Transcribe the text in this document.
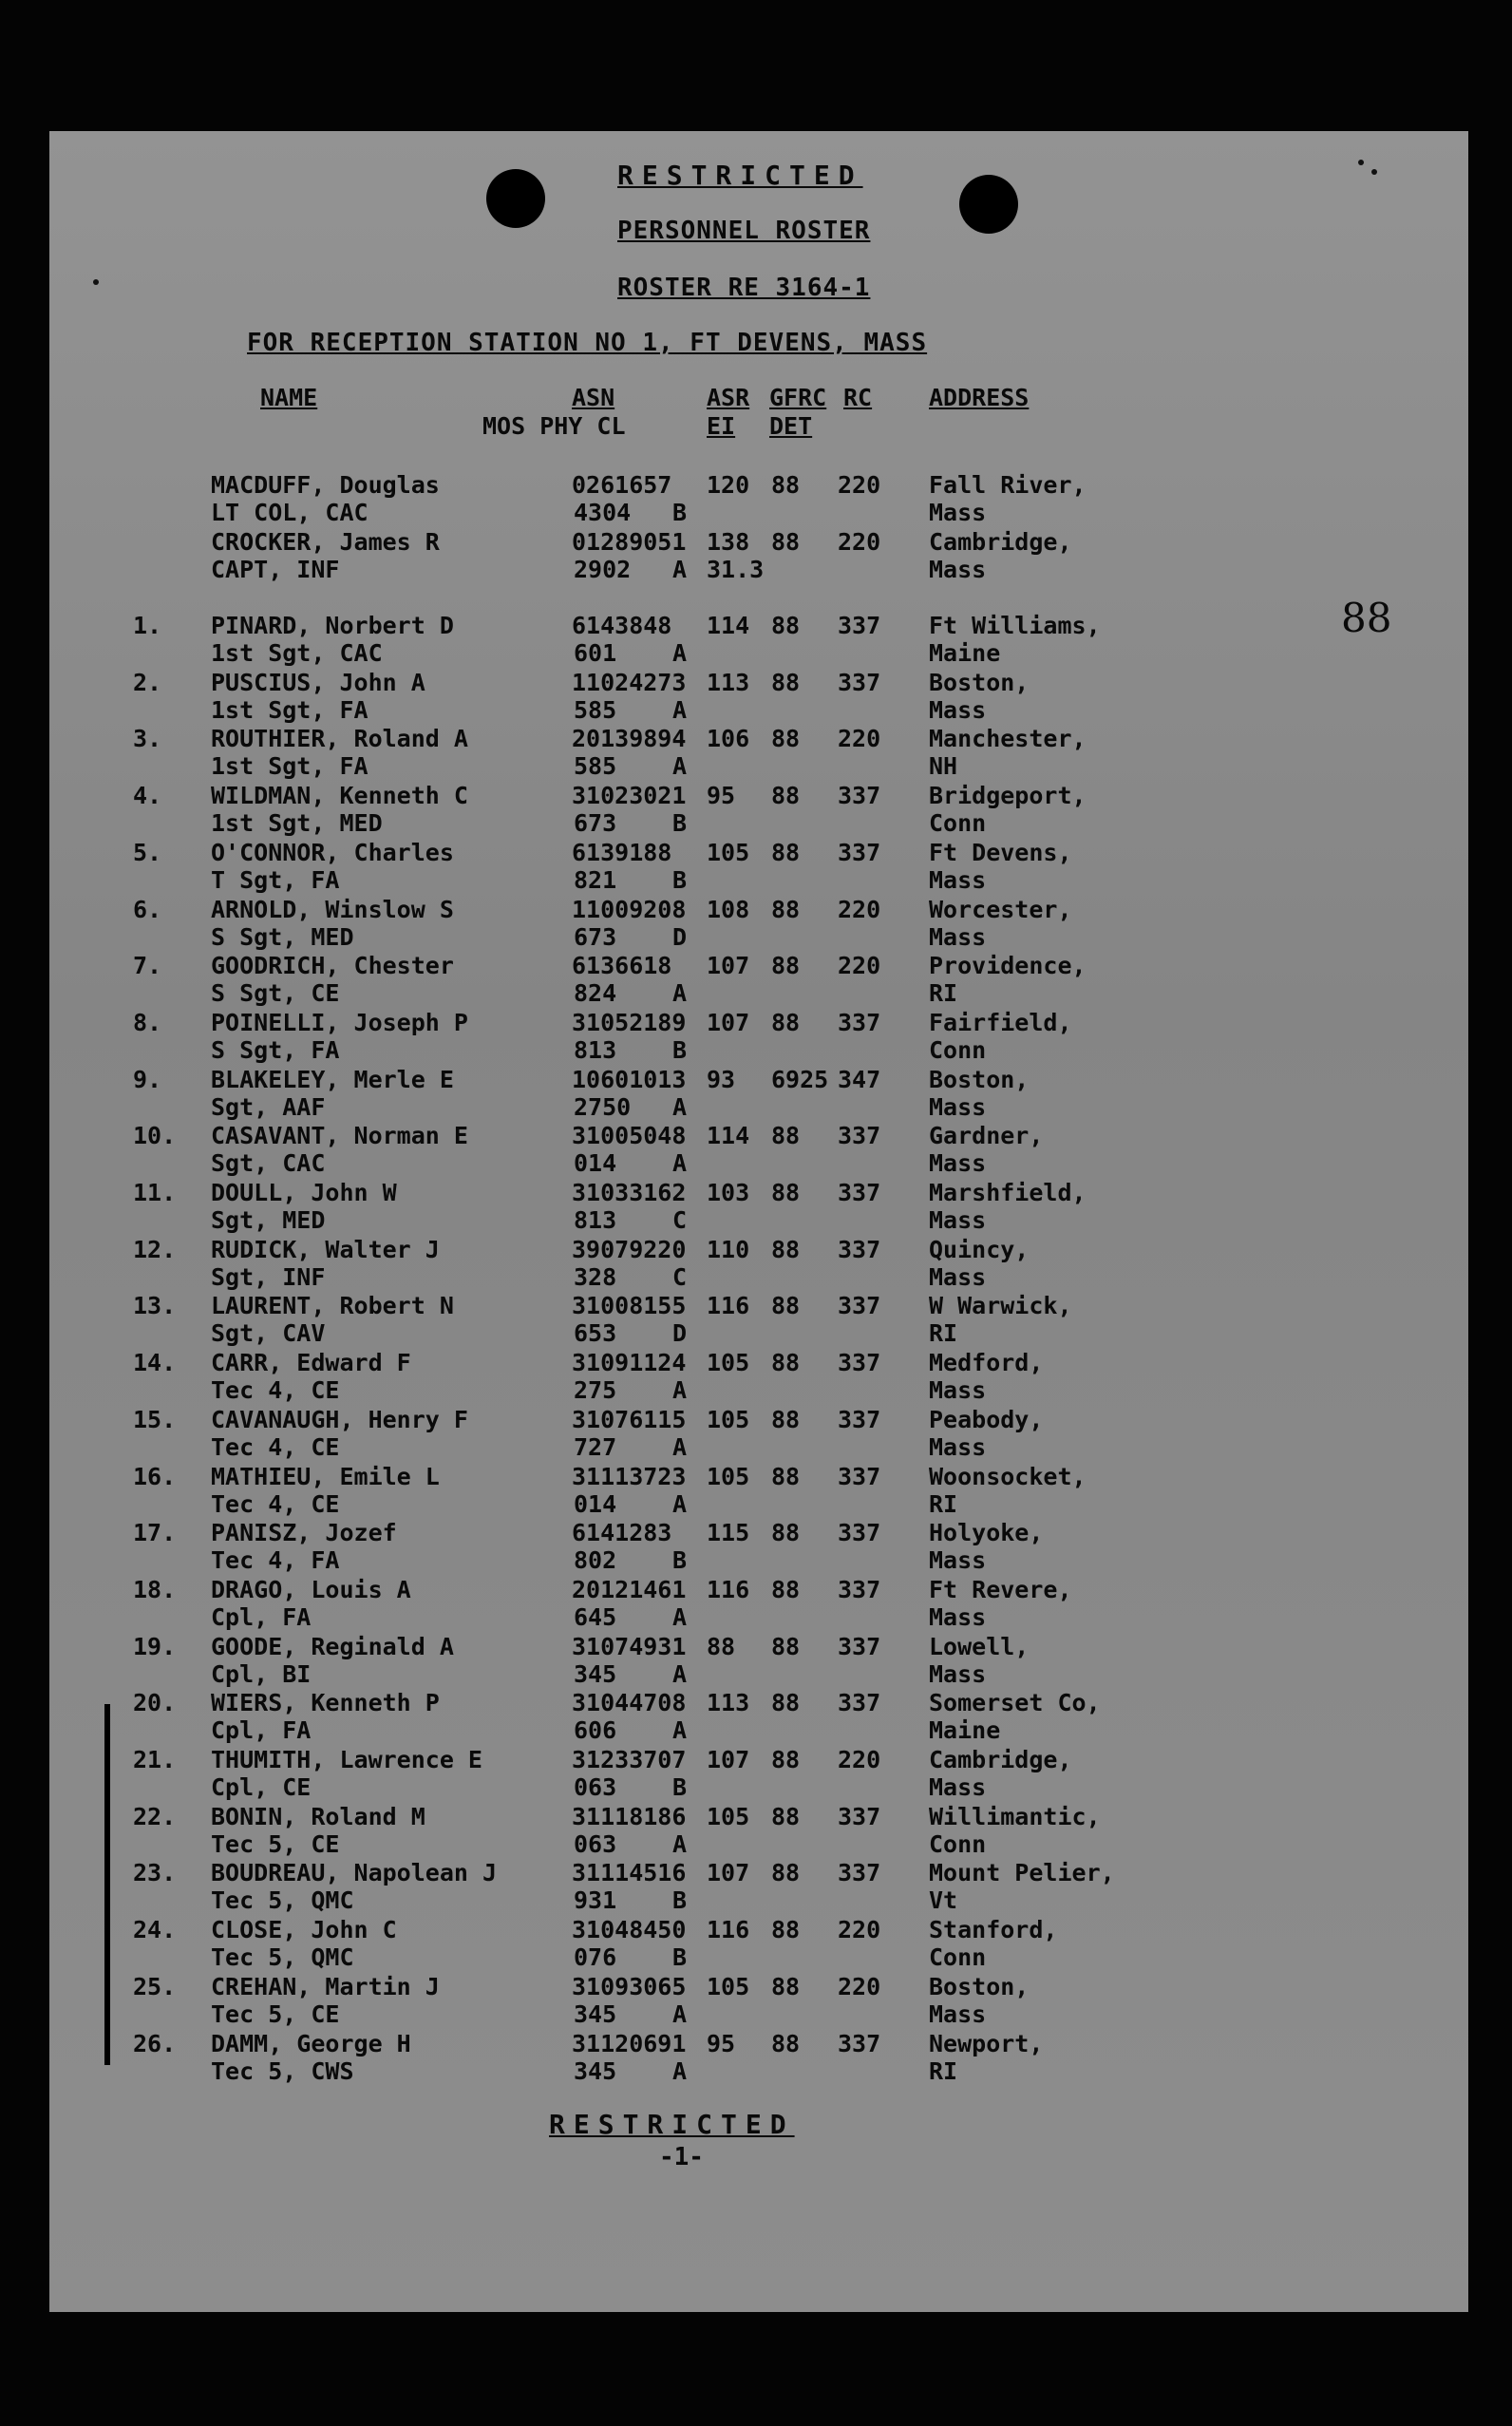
RESTRICTED
PERSONNEL ROSTER
ROSTER RE 3164-1
FOR RECEPTION STATION NO 1, FT DEVENS, MASS
NAME	ASN	ASR GFRC RC ADDRESS
MOS PHY CL	EI DET
MACDUFF, Douglas	0261657 120 88 220 Fall River,
LT COL, CAC	4304 B	Mass
CROCKER, James R	01289051 138 88 220 Cambridge,
CAPT, INF	2902 A 31.3	Mass
1. PINARD, Norbert D	6143848 114 88 337 Ft Williams,
1st Sgt, CAC	601 A	Maine
2. PUSCIUS, John A	11024273 113 88 337 Boston,
1st Sgt, FA	585 A	Mass
3. ROUTHIER, Roland A	20139894 106 88 220 Manchester,
1st Sgt, FA	585 A	NH
4. WILDMAN, Kenneth C	31023021 95 88 337 Bridgeport,
1st Sgt, MED	673 B	Conn
5. O'CONNOR, Charles	6139188 105 88 337 Ft Devens,
T Sgt, FA	821 B	Mass
6. ARNOLD, Winslow S	11009208 108 88 220 Worcester,
S Sgt, MED	673 D	Mass
7. GOODRICH, Chester	6136618 107 88 220 Providence,
S Sgt, CE	824 A	RI
8. POINELLI, Joseph P	31052189 107 88 337 Fairfield,
S Sgt, FA	813 B	Conn
9. BLAKELEY, Merle E	10601013 93 6925 347 Boston,
Sgt, AAF	2750 A	Mass
10. CASAVANT, Norman E	31005048 114 88 337 Gardner,
Sgt, CAC	014 A	Mass
11. DOULL, John W	31033162 103 88 337 Marshfield,
Sgt, MED	813 C	Mass
12. RUDICK, Walter J	39079220 110 88 337 Quincy,
Sgt, INF	328 C	Mass
13. LAURENT, Robert N	31008155 116 88 337 W Warwick,
Sgt, CAV	653 D	RI
14. CARR, Edward F	31091124 105 88 337 Medford,
Tec 4, CE	275 A	Mass
15. CAVANAUGH, Henry F	31076115 105 88 337 Peabody,
Tec 4, CE	727 A	Mass
16. MATHIEU, Emile L	31113723 105 88 337 Woonsocket,
Tec 4, CE	014 A	RI
17. PANISZ, Jozef	6141283 115 88 337 Holyoke,
Tec 4, FA	802 B	Mass
18. DRAGO, Louis A	20121461 116 88 337 Ft Revere,
Cpl, FA	645 A	Mass
19. GOODE, Reginald A	31074931 88 88 337 Lowell,
Cpl, BI	345 A	Mass
20. WIERS, Kenneth P	31044708 113 88 337 Somerset Co,
Cpl, FA	606 A	Maine
21. THUMITH, Lawrence E	31233707 107 88 220 Cambridge,
Cpl, CE	063 B	Mass
22. BONIN, Roland M	31118186 105 88 337 Willimantic,
Tec 5, CE	063 A	Conn
23. BOUDREAU, Napolean J	31114516 107 88 337 Mount Pelier,
Tec 5, QMC	931 B	Vt
24. CLOSE, John C	31048450 116 88 220 Stanford,
Tec 5, QMC	076 B	Conn
25. CREHAN, Martin J	31093065 105 88 220 Boston,
Tec 5, CE	345 A	Mass
26. DAMM, George H	31120691 95 88 337 Newport,
Tec 5, CWS	345 A	RI
88
RESTRICTED
-1-
